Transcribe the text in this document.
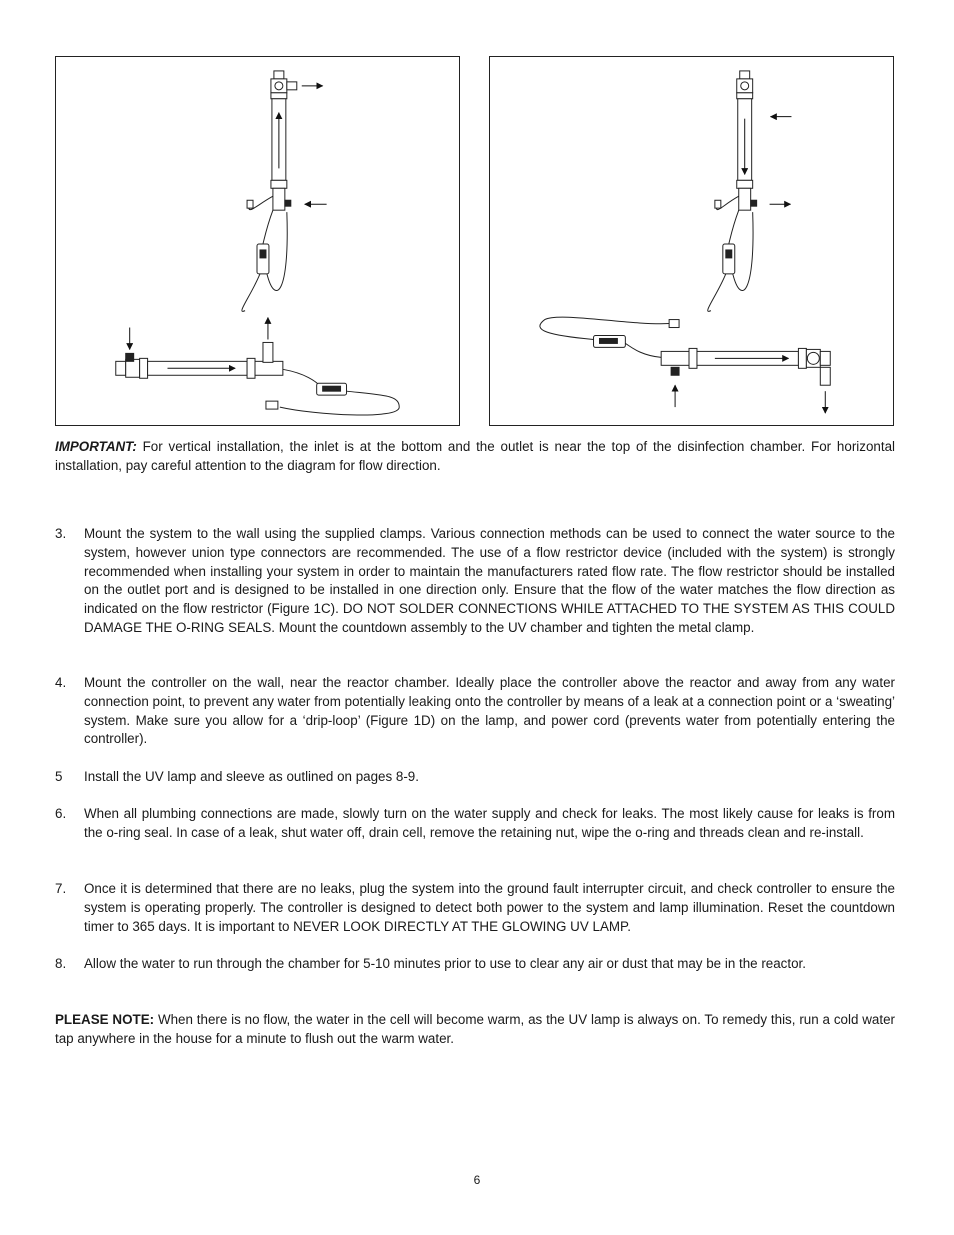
IMPORTANT: For vertical installation, the inlet is at the bottom and the outlet is near the top of the disinfection chamber. For horizontal installation, pay careful attention to the diagram for flow direction.
3.	Mount the system to the wall using the supplied clamps. Various connection methods can be used to connect the water source to the system, however union type connectors are recommended. The use of a flow restrictor device (included with the system) is strongly recommended when installing your system in order to maintain the manufacturers rated flow rate. The flow restrictor should be installed on the outlet port and is designed to be installed in one direction only. Ensure that the flow of the water matches the flow direction as indicated on the flow restrictor (Figure 1C). DO NOT SOLDER CONNECTIONS WHILE ATTACHED TO THE SYSTEM AS THIS COULD DAMAGE THE O-RING SEALS. Mount the countdown assembly to the UV chamber and tighten the metal clamp.
4.	Mount the controller on the wall, near the reactor chamber. Ideally place the controller above the reactor and away from any water connection point, to prevent any water from potentially leaking onto the controller by means of a leak at a connection point or a ‘sweating’ system. Make sure you allow for a ‘drip-loop’ (Figure 1D) on the lamp, and power cord (prevents water from potentially entering the controller).
5	Install the UV lamp and sleeve as outlined on pages 8-9.
6.	When all plumbing connections are made, slowly turn on the water supply and check for leaks. The most likely cause for leaks is from the o-ring seal. In case of a leak, shut water off, drain cell, remove the retaining nut, wipe the o-ring and threads clean and re-install.
7.	Once it is determined that there are no leaks, plug the system into the ground fault interrupter circuit, and check controller to ensure the system is operating properly. The controller is designed to detect both power to the system and lamp illumination. Reset the countdown timer to 365 days. It is important to NEVER LOOK DIRECTLY AT THE GLOWING UV LAMP.
8.	Allow the water to run through the chamber for 5-10 minutes prior to use to clear any air or dust that may be in the reactor.
PLEASE NOTE: When there is no flow, the water in the cell will become warm, as the UV lamp is always on. To remedy this, run a cold water tap anywhere in the house for a minute to flush out the warm water.
6
